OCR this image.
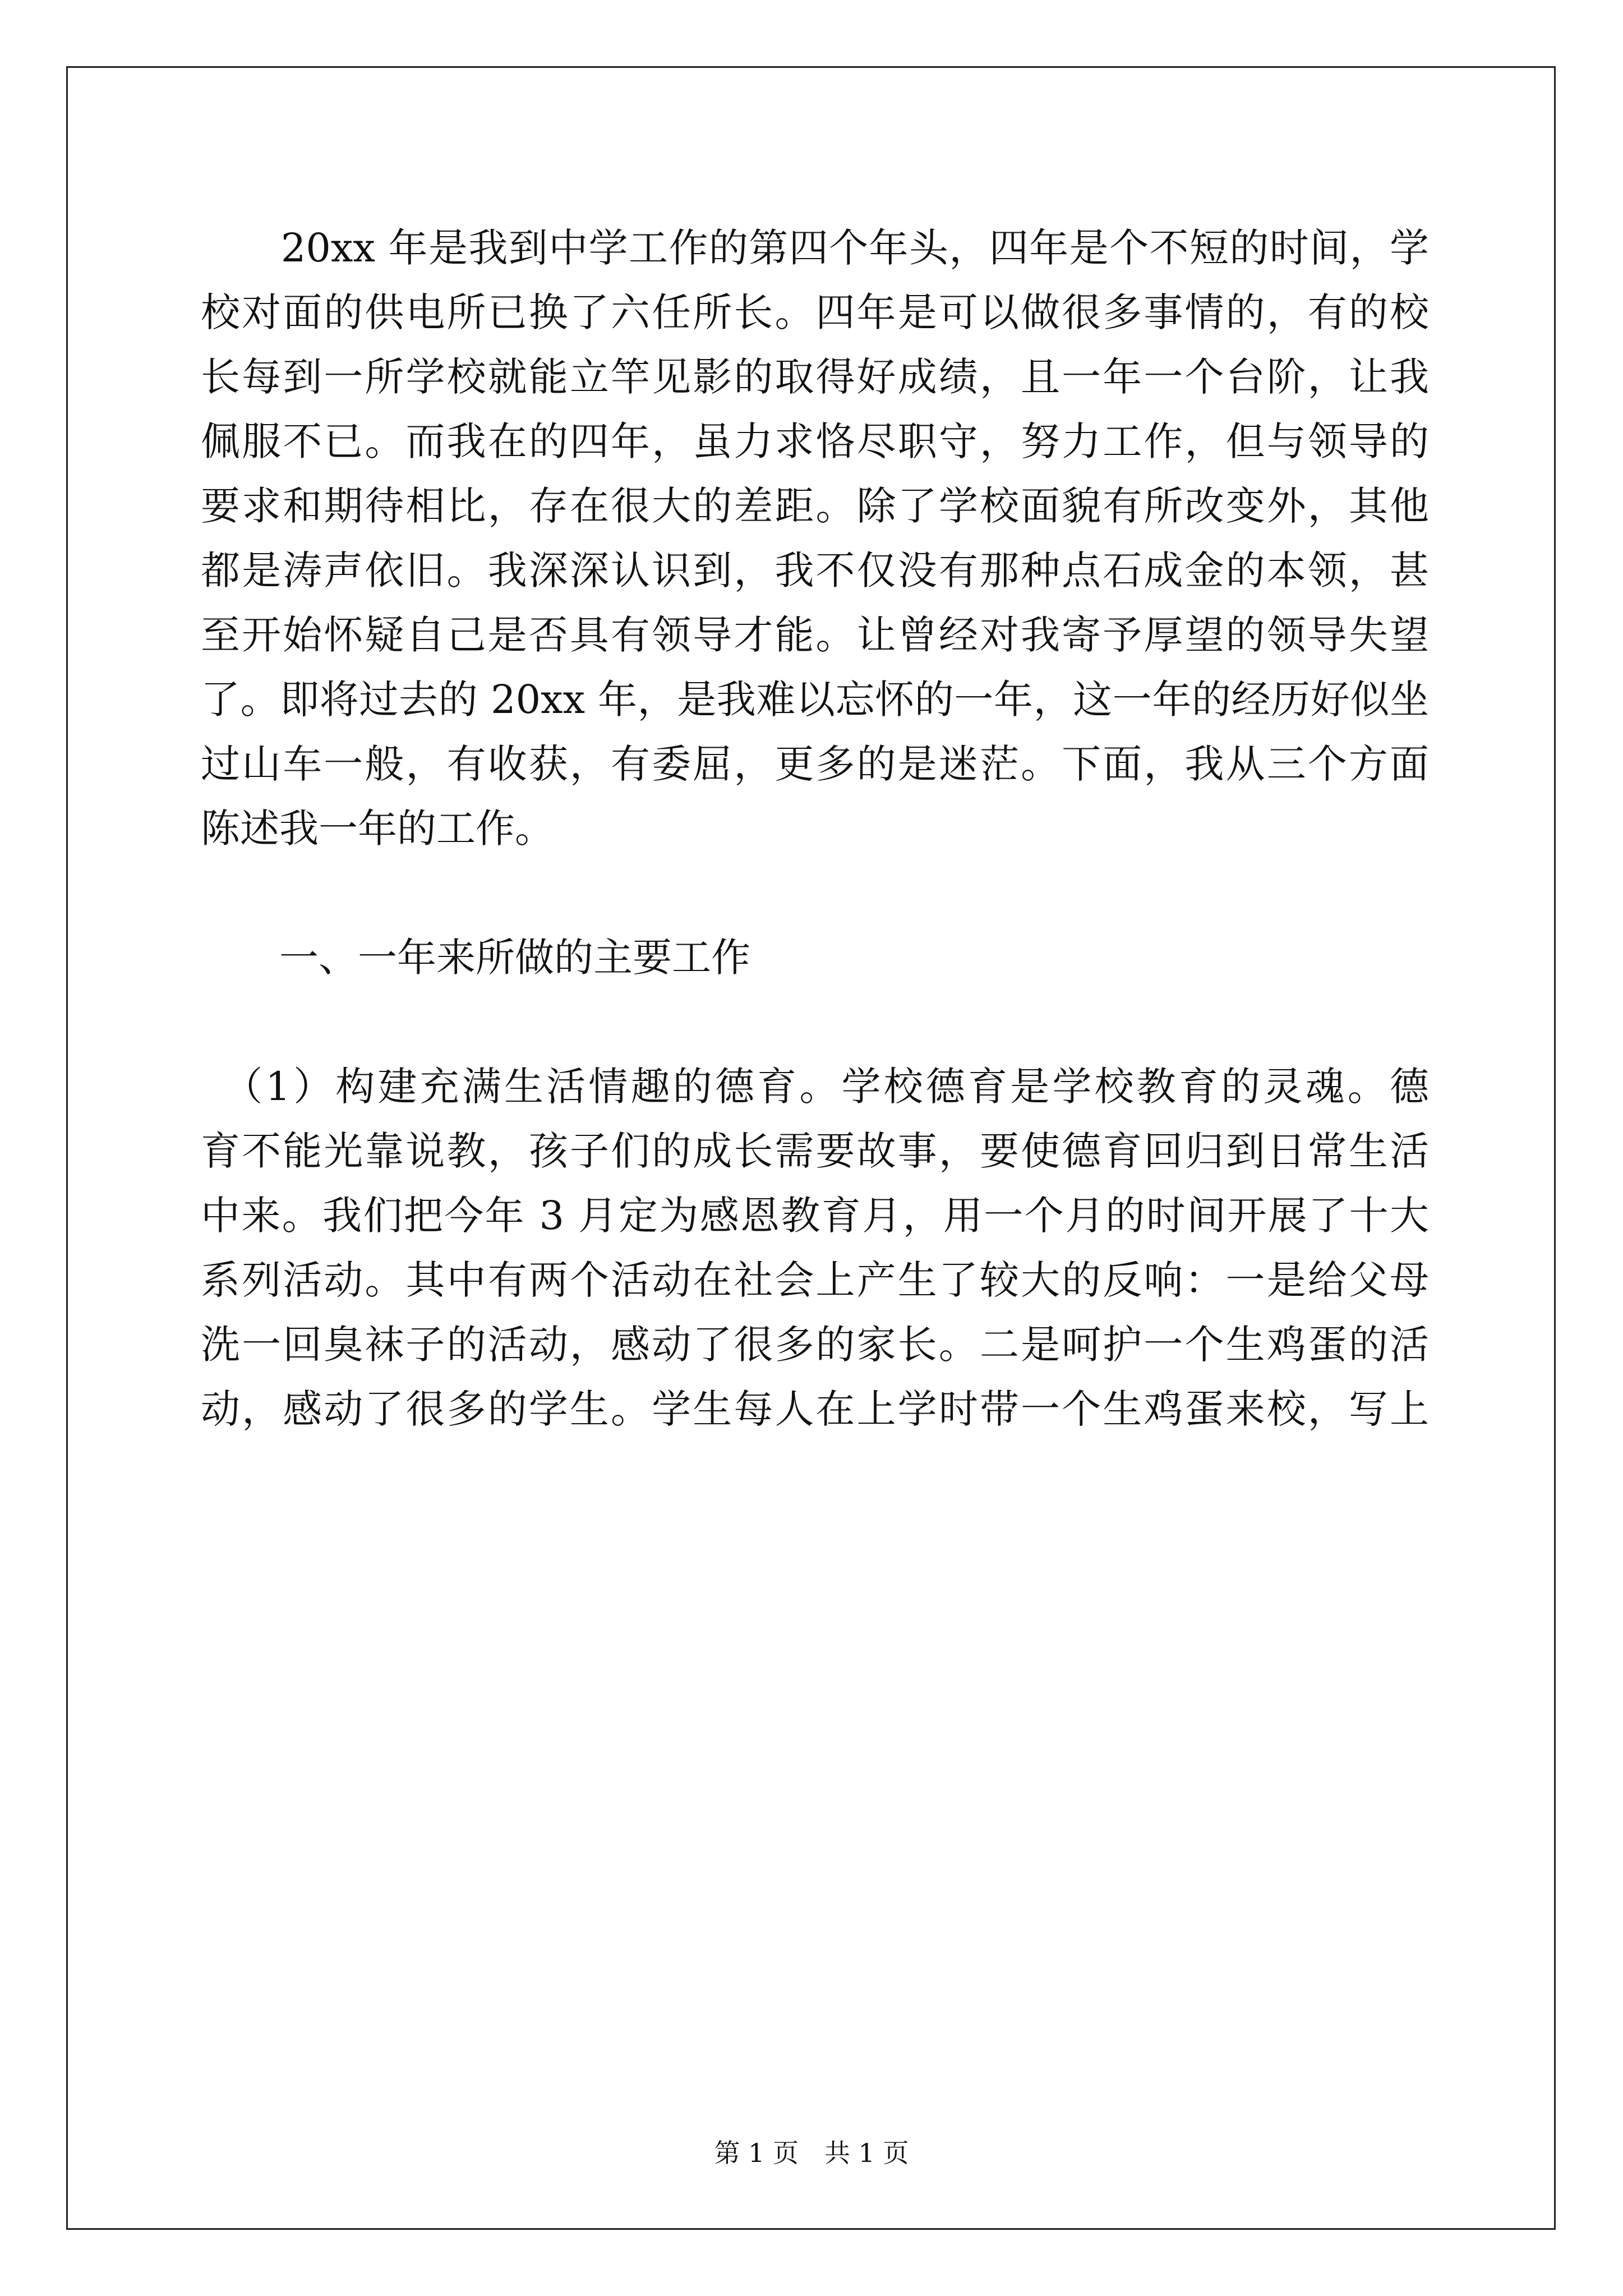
　　20xx 年是我到中学工作的第四个年头，四年是个不短的时间，学
校对面的供电所已换了六任所长。四年是可以做很多事情的，有的校
长每到一所学校就能立竿见影的取得好成绩，且一年一个台阶，让我
佩服不已。而我在的四年，虽力求恪尽职守，努力工作，但与领导的
要求和期待相比，存在很大的差距。除了学校面貌有所改变外，其他
都是涛声依旧。我深深认识到，我不仅没有那种点石成金的本领，甚
至开始怀疑自己是否具有领导才能。让曾经对我寄予厚望的领导失望
了。即将过去的 20xx 年，是我难以忘怀的一年，这一年的经历好似坐
过山车一般，有收获，有委屈，更多的是迷茫。下面，我从三个方面
陈述我一年的工作。
　　一、一年来所做的主要工作
　（1）构建充满生活情趣的德育。学校德育是学校教育的灵魂。德
育不能光靠说教，孩子们的成长需要故事，要使德育回归到日常生活
中来。我们把今年 3 月定为感恩教育月，用一个月的时间开展了十大
系列活动。其中有两个活动在社会上产生了较大的反响：一是给父母
洗一回臭袜子的活动，感动了很多的家长。二是呵护一个生鸡蛋的活
动，感动了很多的学生。学生每人在上学时带一个生鸡蛋来校，写上
第 1 页　共 1 页
